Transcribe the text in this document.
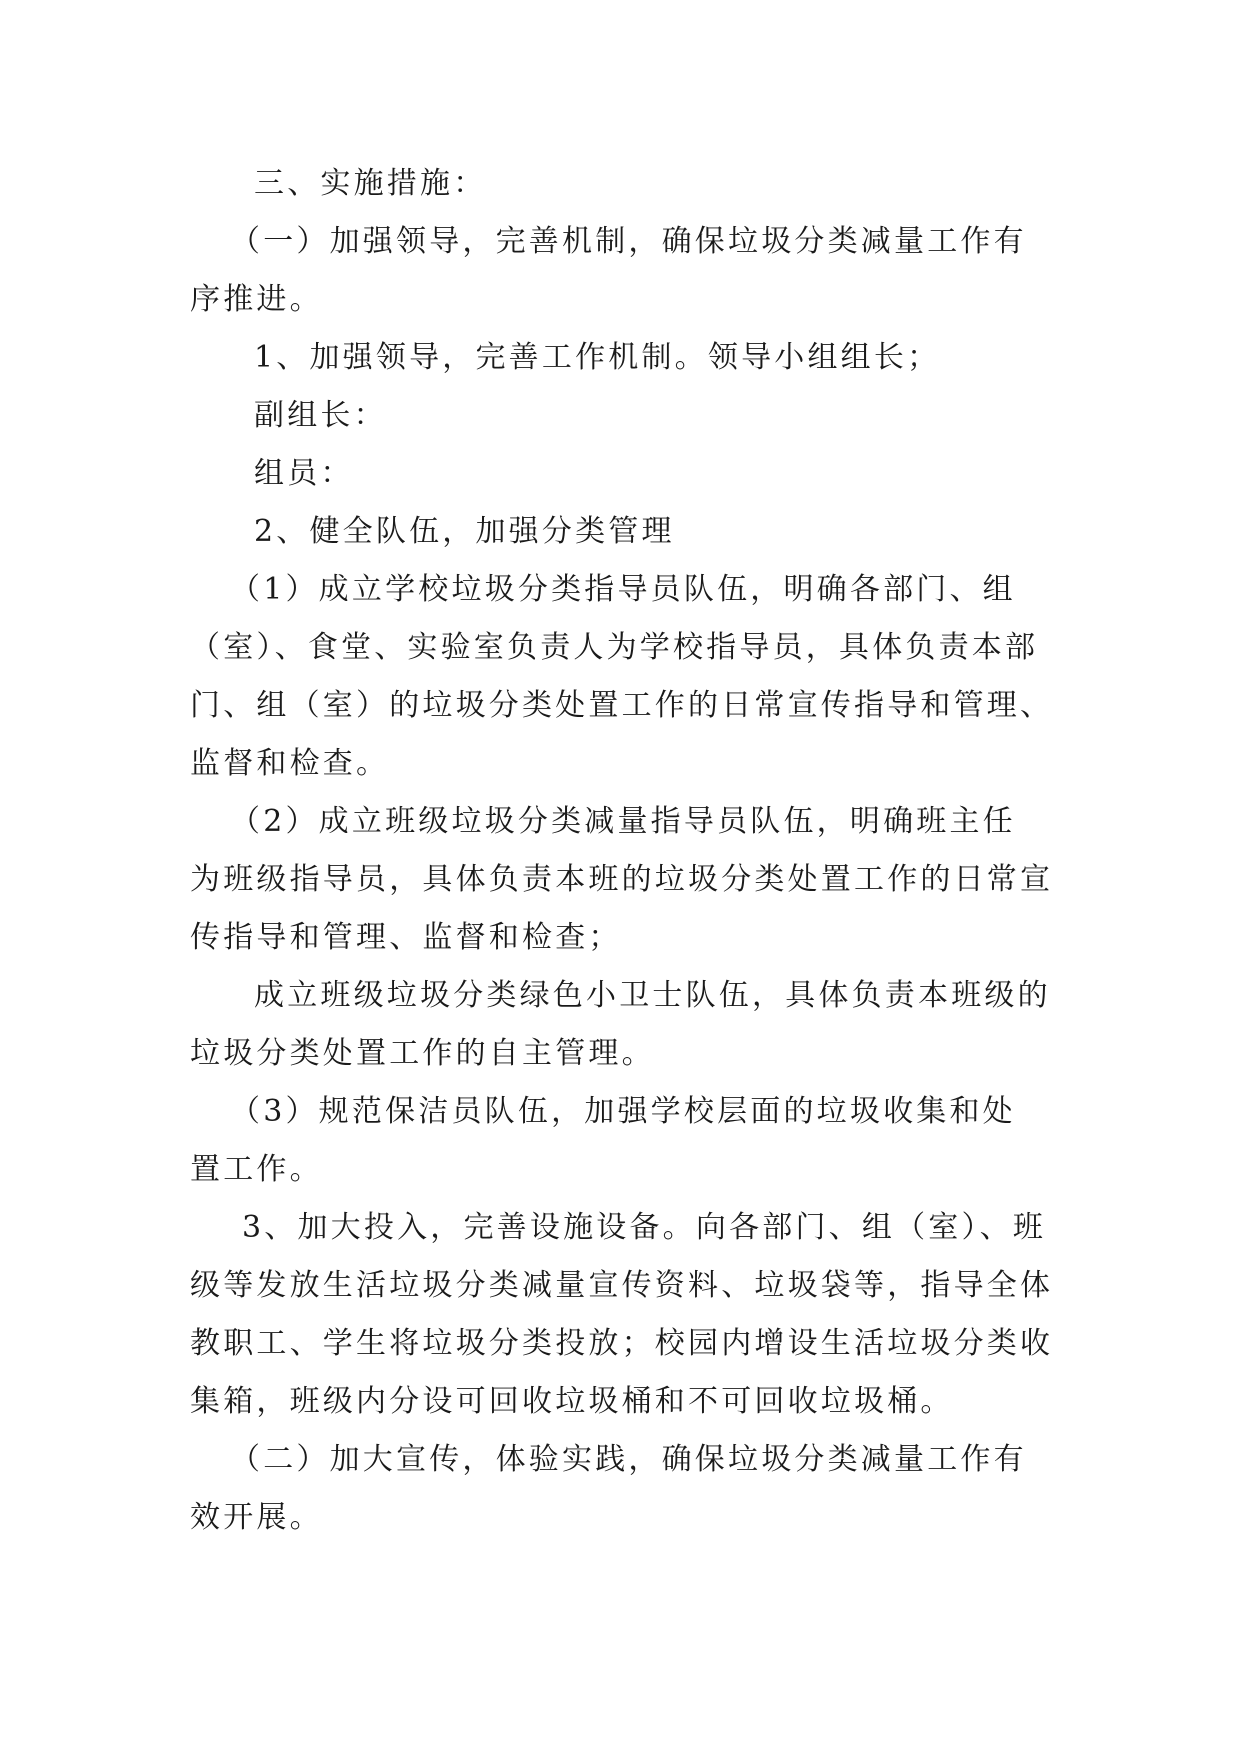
三、实施措施：
（一）加强领导，完善机制，确保垃圾分类减量工作有
序推进。
1、加强领导，完善工作机制。领导小组组长；
副组长：
组员：
2、健全队伍，加强分类管理
（1）成立学校垃圾分类指导员队伍，明确各部门、组
（室）、食堂、实验室负责人为学校指导员，具体负责本部
门、组（室）的垃圾分类处置工作的日常宣传指导和管理、
监督和检查。
（2）成立班级垃圾分类减量指导员队伍，明确班主任
为班级指导员，具体负责本班的垃圾分类处置工作的日常宣
传指导和管理、监督和检查；
成立班级垃圾分类绿色小卫士队伍，具体负责本班级的
垃圾分类处置工作的自主管理。
（3）规范保洁员队伍，加强学校层面的垃圾收集和处
置工作。
3、加大投入，完善设施设备。向各部门、组（室）、班
级等发放生活垃圾分类减量宣传资料、垃圾袋等，指导全体
教职工、学生将垃圾分类投放；校园内增设生活垃圾分类收
集箱，班级内分设可回收垃圾桶和不可回收垃圾桶。
（二）加大宣传，体验实践，确保垃圾分类减量工作有
效开展。
